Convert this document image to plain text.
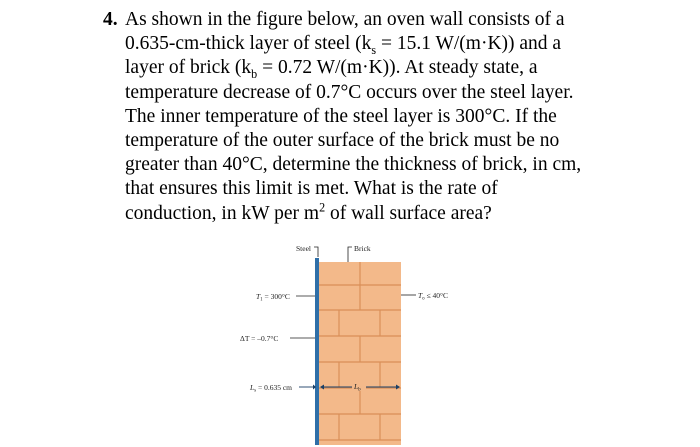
4. As shown in the figure below, an oven wall consists of a
0.635-cm-thick layer of steel ($k_s = 15.1$ W/(m·K)) and a
layer of brick ($k_b = 0.72$ W/(m·K)). At steady state, a
temperature decrease of 0.7°C occurs over the steel layer.
The inner temperature of the steel layer is 300°C. If the
temperature of the outer surface of the brick must be no
greater than 40°C, determine the thickness of brick, in cm,
that ensures this limit is met. What is the rate of
conduction, in kW per $m^2$ of wall surface area?
Steel	Brick
$T_1 = 300^\circ C$	$T_o \le 40^\circ C$
ΔT = –0.7°C
$L_s = 0.635$ cm	$L_b$
